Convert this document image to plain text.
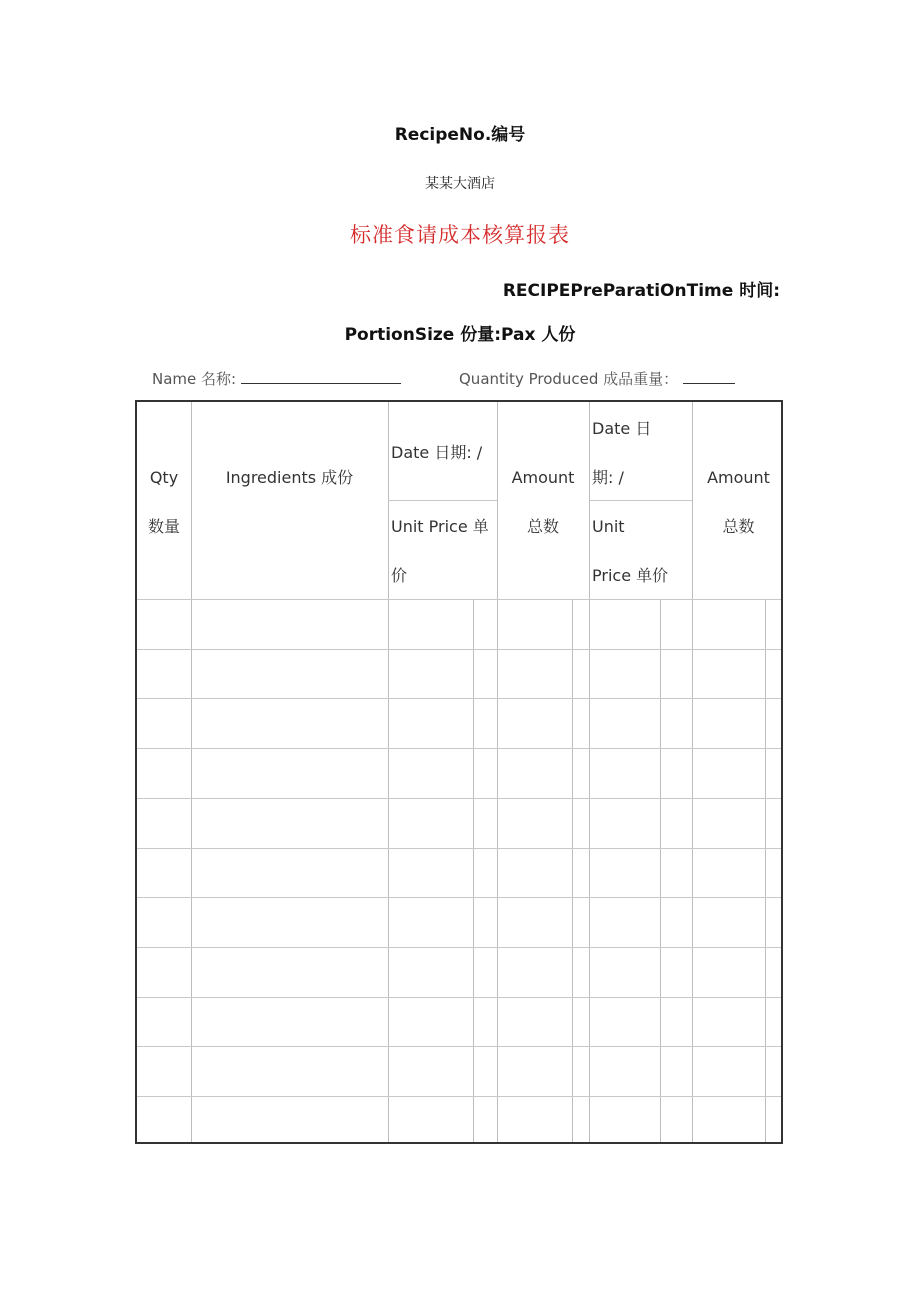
RecipeNo.编号
某某大酒店
标准食请成本核算报表
RECIPEPreParatiOnTime 时间:
PortionSize 份量:Pax 人份
Name 名称:	Quantity Produced 成品重量：
Qty
数量
Ingredients 成份
Date 日期: /
Unit Price 单
价
Amount
总数
Date 日
期: /
Unit
Price 单价
Amount
总数
